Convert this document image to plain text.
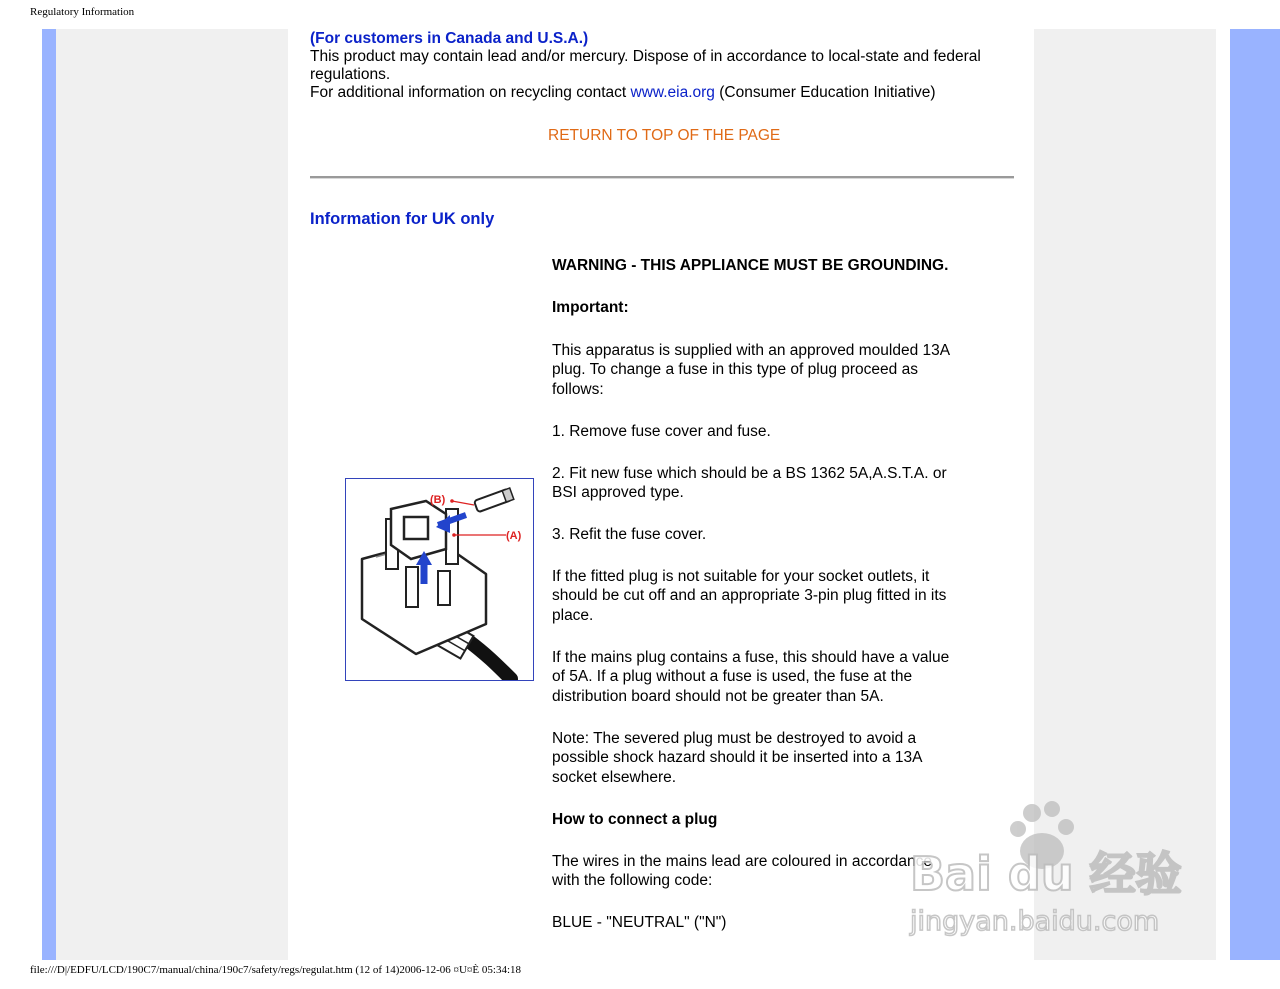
Regulatory Information
(For customers in Canada and U.S.A.)
This product may contain lead and/or mercury. Dispose of in accordance to local-state and federal
regulations.
For additional information on recycling contact www.eia.org (Consumer Education Initiative)
RETURN TO TOP OF THE PAGE
Information for UK only
WARNING - THIS APPLIANCE MUST BE GROUNDING.
Important:
This apparatus is supplied with an approved moulded 13A
plug. To change a fuse in this type of plug proceed as
follows:
1. Remove fuse cover and fuse.
2. Fit new fuse which should be a BS 1362 5A,A.S.T.A. or
BSI approved type.
3. Refit the fuse cover.
If the fitted plug is not suitable for your socket outlets, it
should be cut off and an appropriate 3-pin plug fitted in its
place.
If the mains plug contains a fuse, this should have a value
of 5A. If a plug without a fuse is used, the fuse at the
distribution board should not be greater than 5A.
Note: The severed plug must be destroyed to avoid a
possible shock hazard should it be inserted into a 13A
socket elsewhere.
How to connect a plug
The wires in the mains lead are coloured in accordance
with the following code:
BLUE - "NEUTRAL" ("N")
(B)
(A)
Bai du 经验
jingyan.baidu.com
file:///D|/EDFU/LCD/190C7/manual/china/190c7/safety/regs/regulat.htm (12 of 14)2006-12-06 ¤U¤È 05:34:18
